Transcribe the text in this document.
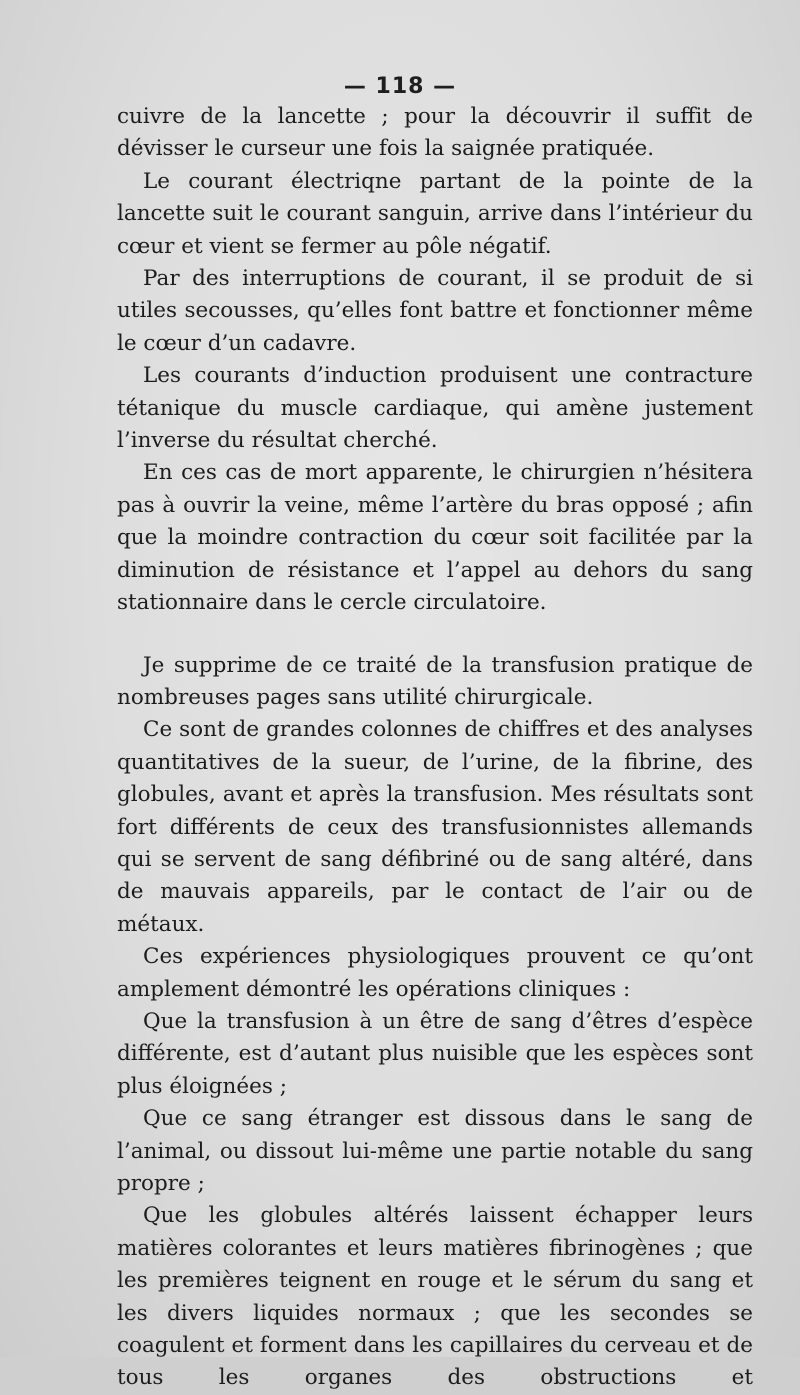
— 118 —

cuivre de la lancette ; pour la découvrir il suffit de dévisser le curseur une fois la saignée pratiquée.

Le courant électriqne partant de la pointe de la lancette suit le courant sanguin, arrive dans l’intérieur du cœur et vient se fermer au pôle négatif.

Par des interruptions de courant, il se produit de si utiles secousses, qu’elles font battre et fonctionner même le cœur d’un cadavre.

Les courants d’induction produisent une contracture tétanique du muscle cardiaque, qui amène justement l’inverse du résultat cherché.

En ces cas de mort apparente, le chirurgien n’hésitera pas à ouvrir la veine, même l’artère du bras opposé ; afin que la moindre contraction du cœur soit facilitée par la diminution de résistance et l’appel au dehors du sang stationnaire dans le cercle circulatoire.

Je supprime de ce traité de la transfusion pratique de nombreuses pages sans utilité chirurgicale.

Ce sont de grandes colonnes de chiffres et des analyses quantitatives de la sueur, de l’urine, de la fibrine, des globules, avant et après la transfusion. Mes résultats sont fort différents de ceux des transfusionnistes allemands qui se servent de sang défibriné ou de sang altéré, dans de mauvais appareils, par le contact de l’air ou de métaux.

Ces expériences physiologiques prouvent ce qu’ont amplement démontré les opérations cliniques :

Que la transfusion à un être de sang d’êtres d’espèce différente, est d’autant plus nuisible que les espèces sont plus éloignées ;

Que ce sang étranger est dissous dans le sang de l’animal, ou dissout lui-même une partie notable du sang propre ;

Que les globules altérés laissent échapper leurs matières colorantes et leurs matières fibrinogènes ; que les premières teignent en rouge et le sérum du sang et les divers liquides normaux ; que les secondes se coagulent et forment dans les capillaires du cerveau et de tous les organes des obstructions et
